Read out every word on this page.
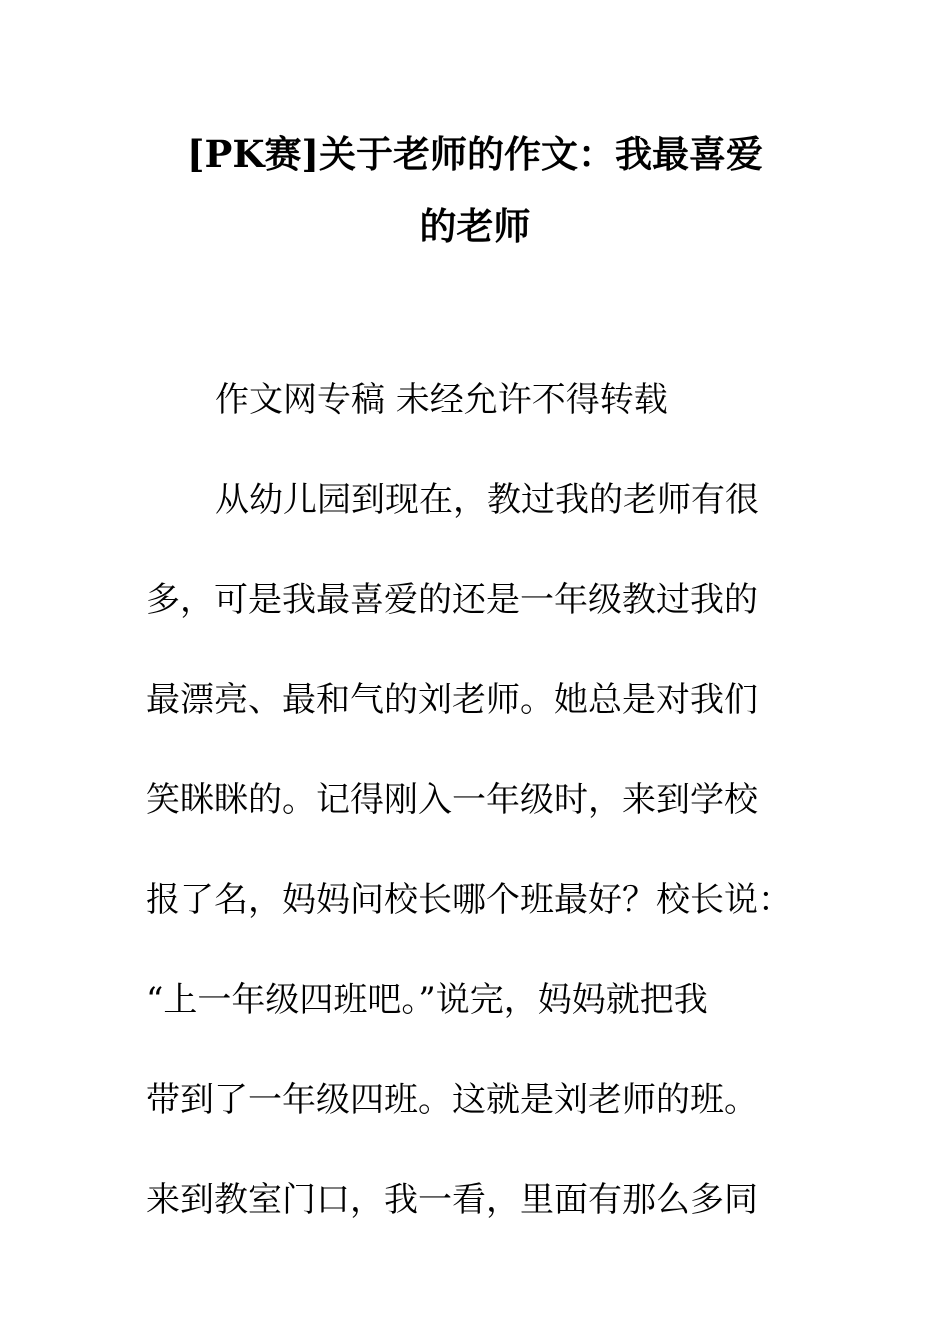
[PK赛]关于老师的作文：我最喜爱
的老师
作文网专稿 未经允许不得转载
从幼儿园到现在，教过我的老师有很
多，可是我最喜爱的还是一年级教过我的
最漂亮、最和气的刘老师。她总是对我们
笑眯眯的。记得刚入一年级时，来到学校
报了名，妈妈问校长哪个班最好？校长说：
“上一年级四班吧。”说完，妈妈就把我
带到了一年级四班。这就是刘老师的班。
来到教室门口，我一看，里面有那么多同
